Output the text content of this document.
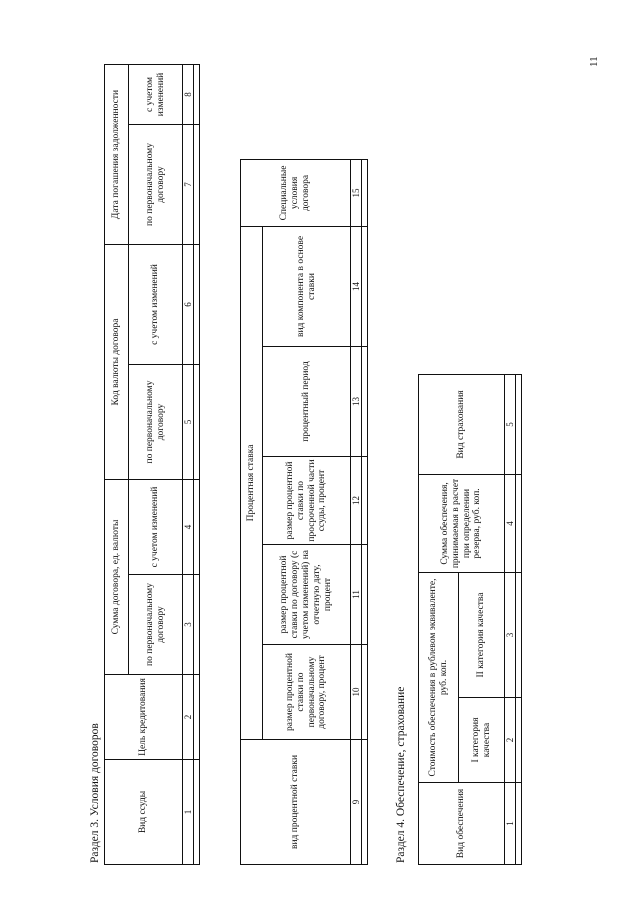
Раздел 3. Условия договоров	Вид ссуды	Цель кредитования	Сумма договора, ед. валюты		Код валюты договора		Дата погашения задолженности	
		по первоначальному договору	с учетом изменений	по первоначальному договору	с учетом изменений	по первоначальному договору	с учетом изменений
1	2	3	4	5	6	7	8

вид процентной ставки	Процентная ставка					Специальные условия договора
	размер процентной ставки по первоначальному договору, процент	размер процентной ставки по договору (с учетом изменений) на отчетную дату, процент	размер процентной ставки по просроченной части ссуды, процент	процентный период	вид компонента в основе ставки	
9	10	11	12	13	14	15

Раздел 4. Обеспечение, страхование	Вид обеспечения	Стоимость обеспечения в рублевом эквиваленте, руб. коп.		Сумма обеспечения, принимаемая в расчет при определении резерва, руб. коп.	Вид страхования
	I категория качества	II категория качества		
1	2	3	4	5

11
